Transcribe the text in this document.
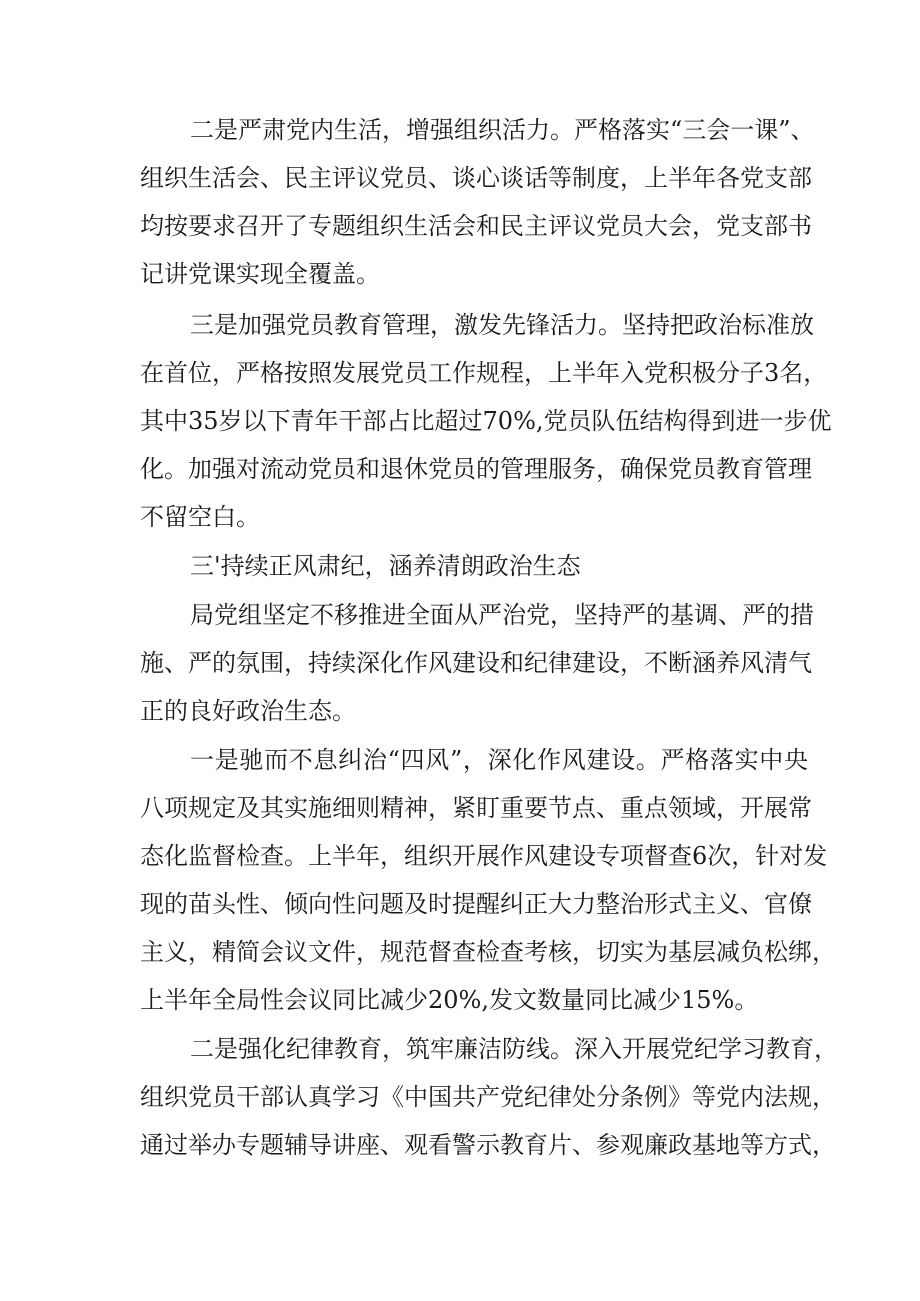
二是严肃党内生活，增强组织活力。严格落实“三会一课”、
组织生活会、民主评议党员、谈心谈话等制度，上半年各党支部
均按要求召开了专题组织生活会和民主评议党员大会，党支部书
记讲党课实现全覆盖。
三是加强党员教育管理，激发先锋活力。坚持把政治标准放
在首位，严格按照发展党员工作规程，上半年入党积极分子3名，
其中35岁以下青年干部占比超过70%,党员队伍结构得到进一步优
化。加强对流动党员和退休党员的管理服务，确保党员教育管理
不留空白。
三'持续正风肃纪，涵养清朗政治生态
局党组坚定不移推进全面从严治党，坚持严的基调、严的措
施、严的氛围，持续深化作风建设和纪律建设，不断涵养风清气
正的良好政治生态。
一是驰而不息纠治“四风”，深化作风建设。严格落实中央
八项规定及其实施细则精神，紧盯重要节点、重点领域，开展常
态化监督检查。上半年，组织开展作风建设专项督查6次，针对发
现的苗头性、倾向性问题及时提醒纠正大力整治形式主义、官僚
主义，精简会议文件，规范督查检查考核，切实为基层减负松绑，
上半年全局性会议同比减少20%,发文数量同比减少15%。
二是强化纪律教育，筑牢廉洁防线。深入开展党纪学习教育，
组织党员干部认真学习《中国共产党纪律处分条例》等党内法规，
通过举办专题辅导讲座、观看警示教育片、参观廉政基地等方式，
